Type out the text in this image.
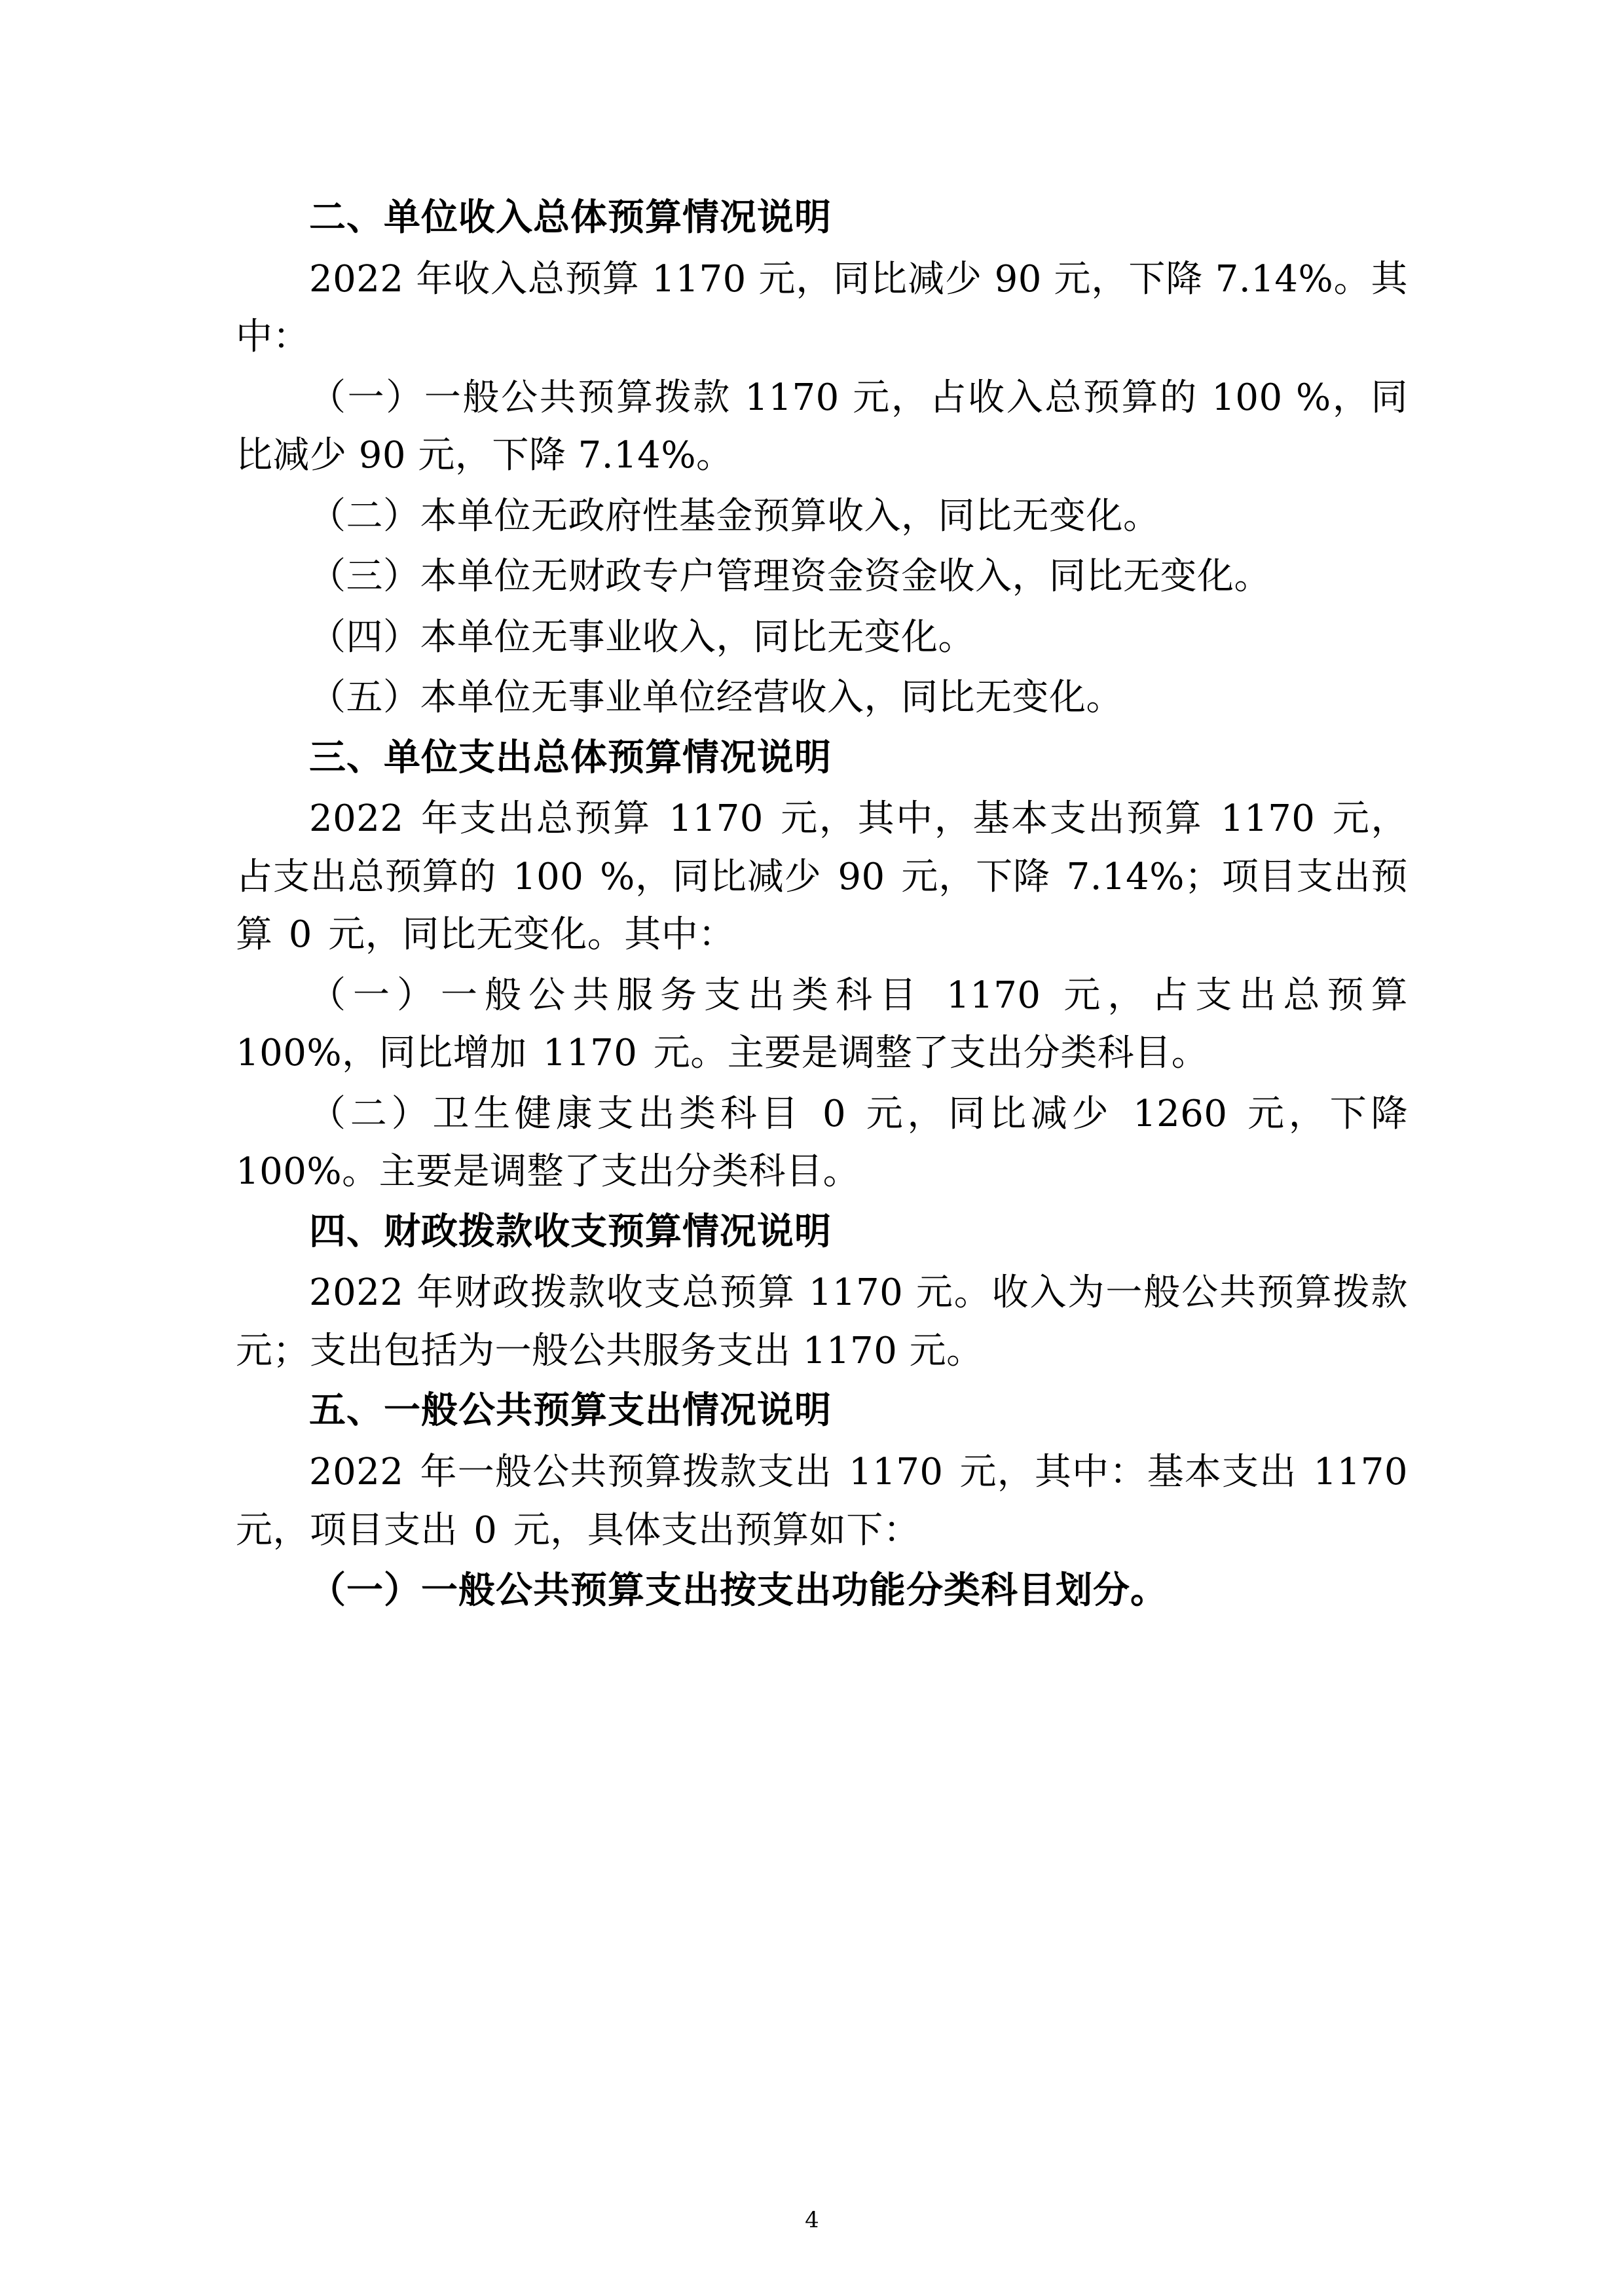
二、单位收入总体预算情况说明

2022 年收入总预算 1170 元，同比减少 90 元，下降 7.14%。其中：

（一）一般公共预算拨款 1170 元，占收入总预算的 100 %，同比减少 90 元，下降 7.14%。

（二）本单位无政府性基金预算收入，同比无变化。

（三）本单位无财政专户管理资金资金收入，同比无变化。

（四）本单位无事业收入，同比无变化。

（五）本单位无事业单位经营收入，同比无变化。

三、单位支出总体预算情况说明

2022 年支出总预算 1170 元，其中，基本支出预算 1170 元，占支出总预算的 100 %，同比减少 90 元，下降 7.14%；项目支出预算 0 元，同比无变化。其中：

（一）一般公共服务支出类科目 1170 元，占支出总预算 100%，同比增加 1170 元。主要是调整了支出分类科目。

（二）卫生健康支出类科目 0 元，同比减少 1260 元，下降 100%。主要是调整了支出分类科目。

四、财政拨款收支预算情况说明

2022 年财政拨款收支总预算 1170 元。收入为一般公共预算拨款元；支出包括为一般公共服务支出 1170 元。

五、一般公共预算支出情况说明

2022 年一般公共预算拨款支出 1170 元，其中：基本支出 1170 元，项目支出 0 元，具体支出预算如下：

（一）一般公共预算支出按支出功能分类科目划分。

4
